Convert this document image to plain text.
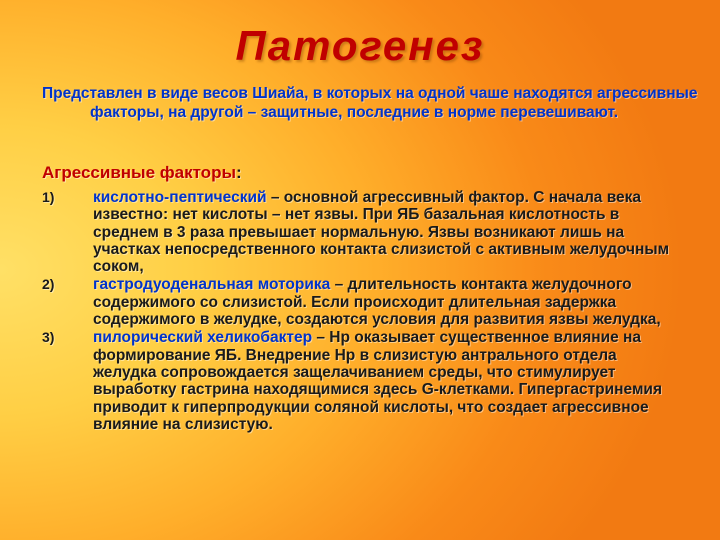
Патогенез

Представлен в виде весов Шиайа, в которых на одной чаше находятся агрессивные факторы, на другой – защитные, последние в норме перевешивают.

Агрессивные факторы:

1) кислотно-пептический – основной агрессивный фактор. С начала века известно: нет кислоты – нет язвы. При ЯБ базальная кислотность в среднем в 3 раза превышает нормальную. Язвы возникают лишь на участках непосредственного контакта слизистой с активным желудочным соком,
2) гастродуоденальная моторика – длительность контакта желудочного содержимого со слизистой. Если происходит длительная задержка содержимого в желудке, создаются условия для развития язвы желудка,
3) пилорический хеликобактер – Нр оказывает существенное влияние на формирование ЯБ. Внедрение Нр в слизистую антрального отдела желудка сопровождается защелачиванием среды, что стимулирует выработку гастрина находящимися здесь G-клетками. Гипергастринемия приводит к гиперпродукции соляной кислоты, что создает агрессивное влияние на слизистую.
